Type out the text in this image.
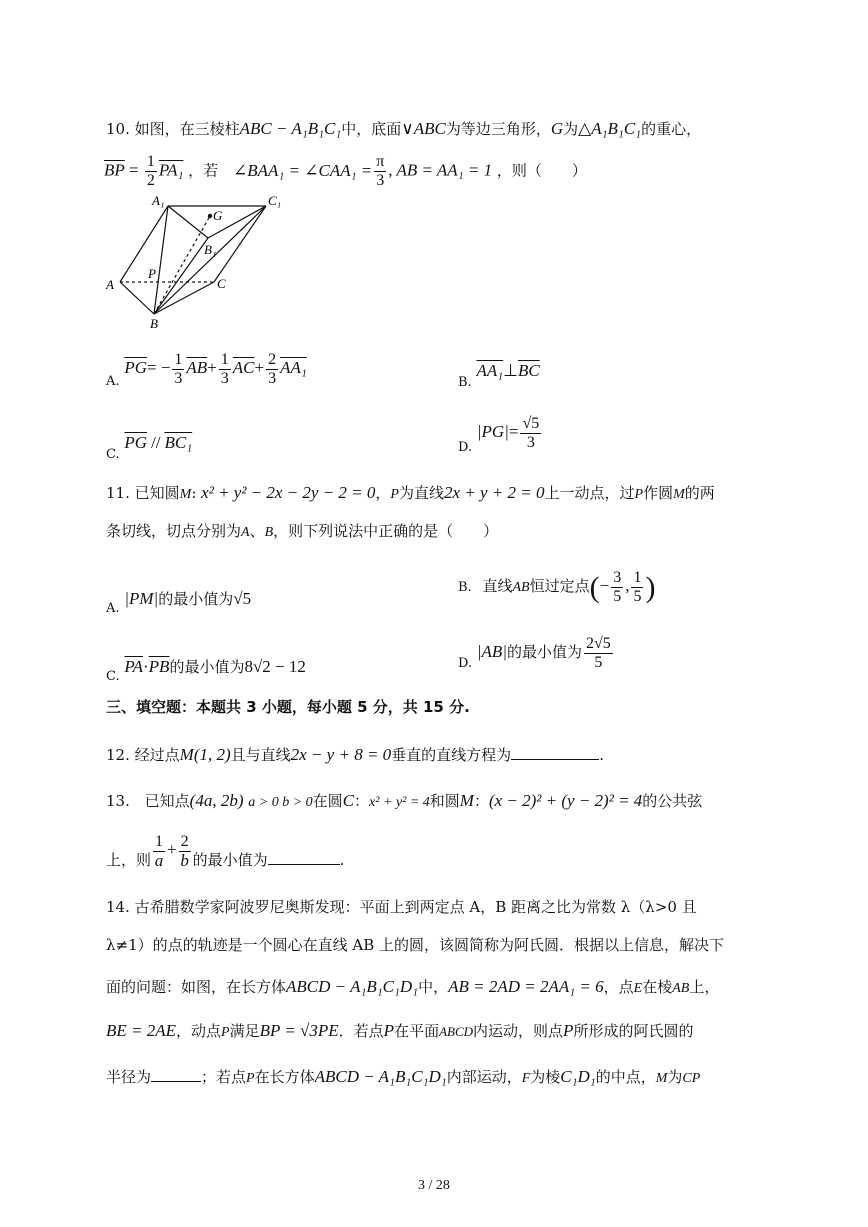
10. 如图，在三棱柱ABC − A₁B₁C₁中，底面∨ABC为等边三角形，G为△A₁B₁C₁的重心，
$\overline{BP} = \frac{1}{2} PA_1$ ，若 ∠BAA₁ = ∠CAA₁ = $\frac{\pi}{3}$ , AB = AA₁ = 1 ，则（　　）
A₁	C₁
G
B₁
P
A	C
B
A. $\overline{PG}= - \frac{1}{3} \overline{AB}+ \frac{1}{3} \overline{AC}+ \frac{2}{3} AA_1$
B. $AA_1\perp\overline{BC}$
C. $\overline{PG} // BC_1$	D. $|PG|= \frac{√5}{3}$
11. 已知圆M: x² + y² − 2x − 2y − 2 = 0，P为直线2x + y + 2 = 0上一动点，过P作圆M的两
条切线，切点分别为A、B，则下列说法中正确的是（　　）
A. |PM|的最小值为√5
B. 直线AB恒过定点(− $\frac{3}{5}$ , $\frac{1}{5}$ )
C. $\overline{PA}\cdot\overline{PB}$的最小值为8√2 − 12	D. |AB|的最小值为 $\frac{2√5}{5}$
三、填空题：本题共 3 小题，每小题 5 分，共 15 分.
12. 经过点M(1, 2)且与直线2x − y + 8 = 0垂直的直线方程为	.
13. 已知点(4a, 2b) a > 0 b > 0在圆C：x² + y² = 4和圆M：(x − 2)² + (y − 2)² = 4的公共弦
上，则 $\frac{1}{a} + \frac{2}{b}$ 的最小值为	.
14. 古希腊数学家阿波罗尼奥斯发现：平面上到两定点 A，B 距离之比为常数 λ（λ>0 且
λ≠1）的点的轨迹是一个圆心在直线 AB 上的圆，该圆简称为阿氏圆．根据以上信息，解决下
面的问题：如图，在长方体ABCD − A₁B₁C₁D₁中，AB = 2AD = 2AA₁ = 6，点E在棱AB上，
BE = 2AE，动点P满足BP = √3PE．若点P在平面ABCD内运动，则点P所形成的阿氏圆的
半径为	；若点P在长方体ABCD − A₁B₁C₁D₁内部运动，F为棱C₁D₁的中点，M为CP
3 / 28
